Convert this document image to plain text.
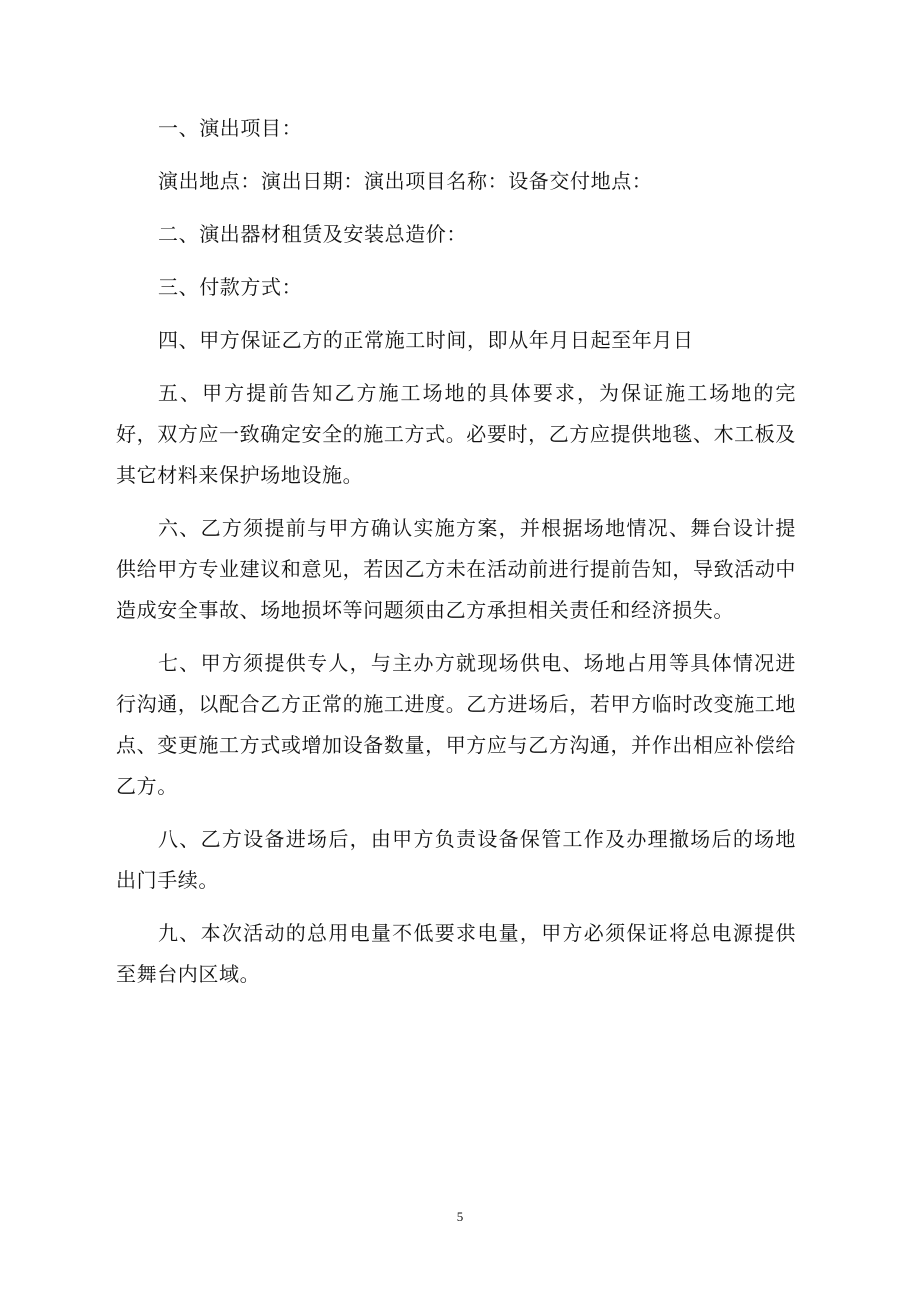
一、演出项目：

演出地点：演出日期：演出项目名称：设备交付地点：

二、演出器材租赁及安装总造价：

三、付款方式：

四、甲方保证乙方的正常施工时间，即从年月日起至年月日

五、甲方提前告知乙方施工场地的具体要求，为保证施工场地的完好，双方应一致确定安全的施工方式。必要时，乙方应提供地毯、木工板及其它材料来保护场地设施。

六、乙方须提前与甲方确认实施方案，并根据场地情况、舞台设计提供给甲方专业建议和意见，若因乙方未在活动前进行提前告知，导致活动中造成安全事故、场地损坏等问题须由乙方承担相关责任和经济损失。

七、甲方须提供专人，与主办方就现场供电、场地占用等具体情况进行沟通，以配合乙方正常的施工进度。乙方进场后，若甲方临时改变施工地点、变更施工方式或增加设备数量，甲方应与乙方沟通，并作出相应补偿给乙方。

八、乙方设备进场后，由甲方负责设备保管工作及办理撤场后的场地出门手续。

九、本次活动的总用电量不低要求电量，甲方必须保证将总电源提供至舞台内区域。

5
